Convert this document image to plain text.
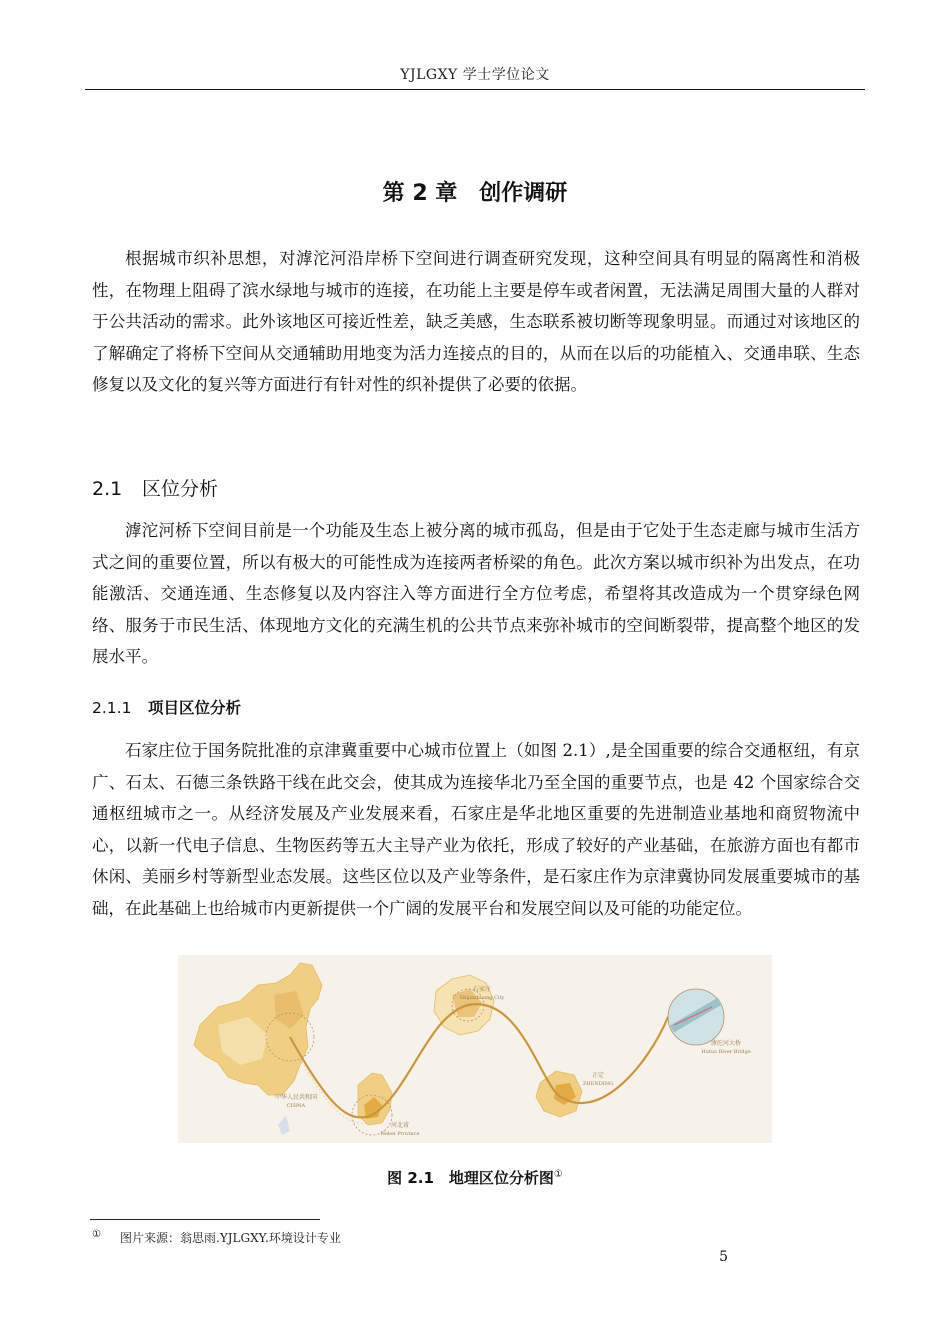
YJLGXY 学士学位论文
第 2 章　创作调研

根据城市织补思想，对滹沱河沿岸桥下空间进行调查研究发现，这种空间具有明显的隔离性和消极性，在物理上阻碍了滨水绿地与城市的连接，在功能上主要是停车或者闲置，无法满足周围大量的人群对于公共活动的需求。此外该地区可接近性差，缺乏美感，生态联系被切断等现象明显。而通过对该地区的了解确定了将桥下空间从交通辅助用地变为活力连接点的目的，从而在以后的功能植入、交通串联、生态修复以及文化的复兴等方面进行有针对性的织补提供了必要的依据。

2.1 区位分析

滹沱河桥下空间目前是一个功能及生态上被分离的城市孤岛，但是由于它处于生态走廊与城市生活方式之间的重要位置，所以有极大的可能性成为连接两者桥梁的角色。此次方案以城市织补为出发点，在功能激活、交通连通、生态修复以及内容注入等方面进行全方位考虑，希望将其改造成为一个贯穿绿色网络、服务于市民生活、体现地方文化的充满生机的公共节点来弥补城市的空间断裂带，提高整个地区的发展水平。

2.1.1 项目区位分析

石家庄位于国务院批准的京津冀重要中心城市位置上（如图 2.1）,是全国重要的综合交通枢纽，有京广、石太、石德三条铁路干线在此交会，使其成为连接华北乃至全国的重要节点，也是 42 个国家综合交通枢纽城市之一。从经济发展及产业发展来看，石家庄是华北地区重要的先进制造业基地和商贸物流中心，以新一代电子信息、生物医药等五大主导产业为依托，形成了较好的产业基础，在旅游方面也有都市休闲、美丽乡村等新型业态发展。这些区位以及产业等条件，是石家庄作为京津冀协同发展重要城市的基础，在此基础上也给城市内更新提供一个广阔的发展平台和发展空间以及可能的功能定位。

中华人民共和国
CHINA
河北省
Hebei Province
石家庄
Shijiazhuang City
正定
ZHENDING
滹沱河大桥
Hutuo River Bridge
图 2.1　地理区位分析图①
① 图片来源：翁思雨.YJLGXY.环境设计专业
5
